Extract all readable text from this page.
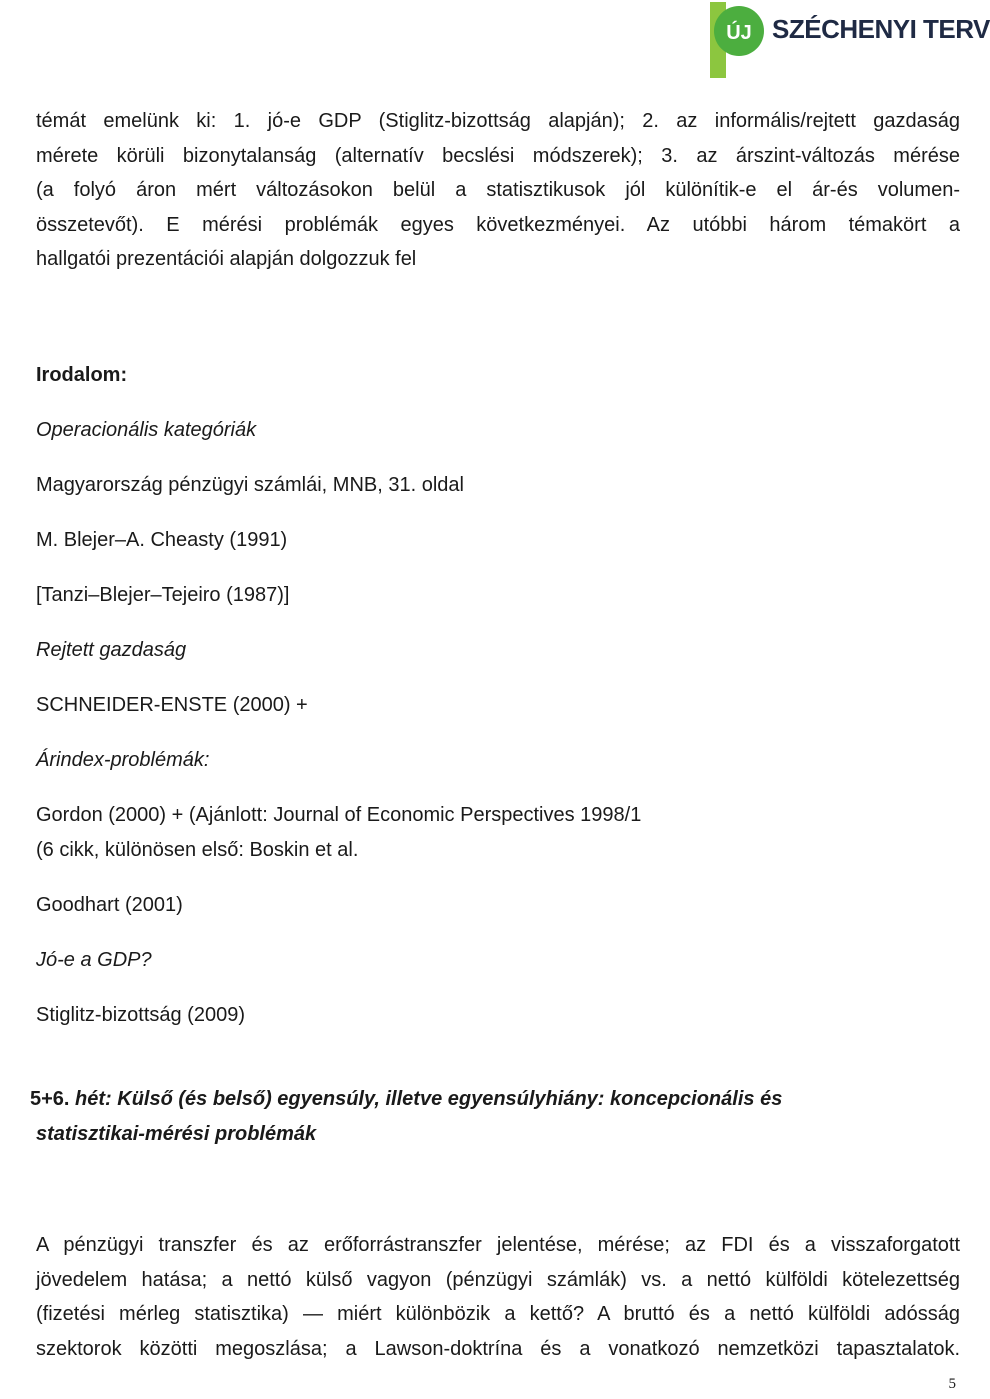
ÚJ SZÉCHENYI TERV
témát emelünk ki: 1. jó-e GDP (Stiglitz-bizottság alapján); 2. az informális/rejtett gazdaság
mérete körüli bizonytalanság (alternatív becslési módszerek); 3. az árszint-változás mérése
(a folyó áron mért változásokon belül a statisztikusok jól különítik-e el ár-és volumen-
összetevőt). E mérési problémák egyes következményei. Az utóbbi három témakört a
hallgatói prezentációi alapján dolgozzuk fel
Irodalom:
Operacionális kategóriák
Magyarország pénzügyi számlái, MNB, 31. oldal
M. Blejer–A. Cheasty (1991)
[Tanzi–Blejer–Tejeiro (1987)]
Rejtett gazdaság
SCHNEIDER-ENSTE (2000) +
Árindex-problémák:
Gordon (2000) + (Ajánlott: Journal of Economic Perspectives 1998/1
(6 cikk, különösen első: Boskin et al.
Goodhart (2001)
Jó-e a GDP?
Stiglitz-bizottság (2009)
5+6. hét: Külső (és belső) egyensúly, illetve egyensúlyhiány: koncepcionális és
statisztikai-mérési problémák
A pénzügyi transzfer és az erőforrástranszfer jelentése, mérése; az FDI és a visszaforgatott
jövedelem hatása; a nettó külső vagyon (pénzügyi számlák) vs. a nettó külföldi kötelezettség
(fizetési mérleg statisztika) — miért különbözik a kettő? A bruttó és a nettó külföldi adósság
szektorok közötti megoszlása; a Lawson-doktrína és a vonatkozó nemzetközi tapasztalatok.
5
